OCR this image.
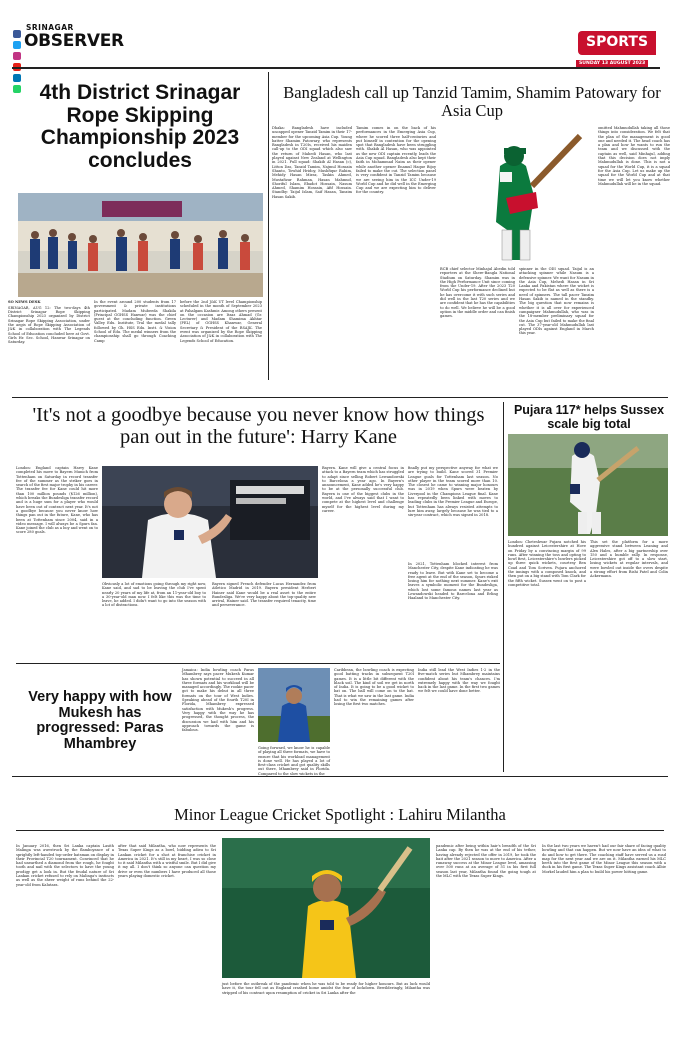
SRINAGAR
OBSERVER	SPORTS
SUNDAY 13 AUGUST 2023
4th District Srinagar Rope Skipping Championship 2023 concludes

SO NEWS DESK

SRINAGAR, AUG 12: The two-days 4th District Srinagar Rope Skipping Championship 2023 organized by District Srinagar Rope Skipping Association, under the aegis of Rope Skipping Association of J&K in collaboration with The Legends School of Education concluded here at Govt. Girls Hr. Sec. School, Hanwar Srinagar on Saturday.

In the event around 200 students from 17 government & private institutions participated. Madam Mubeeda Shakila (Principal GGHSS Hanwar) was the chief guest at the concluding function. Green Valley Edu. Institute, Tral the medal tally followed by Gh. HSS Edu. Instt. & Vision School of Edu. The medal winners from the championship shall go through Coaching Camp

before the 2nd J&K UT level Championship scheduled in the month of September 2023 at Pahalgam Kashmir. Among others present on the occasion are Itzaz Ahmad (Gr. Lecturer) and Madam Shamima Akhtar (PEL) of GGHSS Khanwar, General Secretary & President of the RSAJK. The event was organized by the Rope Skipping Association of J&K in collaboration with The Legends School of Education.

Bangladesh call up Tanzid Tamim, Shamim Patowary for Asia Cup

Dhaka: Bangladesh have included uncapped opener Tanzid Tamim in their 17-member for the upcoming Asia Cup. Young batter Shamim Patowary, who represents Bangladesh in T20Is, received his maiden call-up to the ODI squad which also saw the return of Mahedi Hasan, who last played against New Zealand at Wellington in 2021. Full squad: Shakib Al Hasan (c), Litton Das, Tanzid Tamim, Najmul Hossain Shanto, Towhid Hridoy, Mushfiqur Rahim, Mehidy Hasan Miraz, Taskin Ahmed, Mustafizur Rahman, Hasan Mahmud, Shoriful Islam, Ebadot Hossain, Nasum Ahmed, Shamim Hossain, Afif Hossain. Standby: Taijul Islam, Saif Hasan, Tanzim Hasan Sakib.

Tamim comes in on the back of his performances in the Emerging Asia Cup, where he scored three half-centuries and put himself in contention for the opening spot that Bangladesh have been struggling with. Shakib Al Hasan, who was appointed as the new ODI captain recently, leads the Asia Cup squad. Bangladesh also kept their faith in Mohammad Naim as their opener while another opener Enamul Haque Bijoy failed to make the cut. The selection panel is very confident in Tanzid Tamim because we are seeing him in the ICC Under-19 World Cup and he did well in the Emerging Cup and we are expecting him to deliver for the country.

BCB chief selector Minhajul Abedin told reporters at the Shere-Bangla National Stadium on Saturday. Shamim was in the High Performance Unit since coming from the Under-19. After the 2023 T20 World Cup his performance declined but he has overcome it with such series and did well in the last T20 series and we are confident that he has the capabilities to do well. We believe he will be a good option in the middle order and can finish games.

spinner in the ODI squad. Taijul is an attacking spinner while Nasum is a defensive spinner. We want for Nasum in the Asia Cup, Mehedi Hasan in Sri Lanka and Pakistan where the wicket is expected to be flat as well as there is a need of spinners. The tall pacer Tanzim Hasan Sakib is named in the standby. The big question that now remains is whether it is all over for experienced campaigner Mahmudullah, who was in the 18-member preliminary squad for the Asia Cup but failed to make the final cut. The 37-year-old Mahmudullah last played ODIs against England in March this year.

omitted Mahmudullah taking all those things into consideration. We felt that the plan of the management is good one and needed it. The head coach has a plan and how he wants to run the team and we discussed with the captain as well, said Minhajul, adding that this decision does not imply Mahmudullah is done. This is not a squad for the World Cup, it is a squad for the Asia Cup. Let us make up the squad for the World Cup and at that time we will let you know whether Mahmudullah will be in the squad.

'It's not a goodbye because you never know how things pan out in the future': Harry Kane

London: England captain Harry Kane completed his move to Bayern Munich from Tottenham on Saturday in record transfer fee of the summer as the striker goes in search of the first major trophy in his career. The transfer fee for Kane could hit more than 100 million pounds ($126 million), which breaks the Bundesliga transfer record and is a huge sum for a player who would have been out of contract next year. It's not a goodbye because you never know how things pan out in the future, Kane, who has been at Tottenham since 2004, said in a video message. I will always be a Spurs fan. Kane joined the club as a boy and went on to score 280 goals.

Obviously a lot of emotions going through my right now, Kane said, and sad to be leaving the club I've spent nearly 20 years of my life at, from an 11-year-old boy to a 30-year-old man now. I felt like this was the time to leave, he added. I didn't want to go into the season with a lot of distractions.

Bayern signed French defender Lucas Hernandez from Atletico Madrid in 2019. Bayern president Herbert Hainer said Kane would be a real asset to the entire Bundesliga. We're very happy about the top-quality new arrival, Hainer said. The transfer required tenacity, time and perseverance.

Bayern. Kane will give a central focus in attack to a Bayern team which has struggled to adapt since selling Robert Lewandowski to Barcelona a year ago. In Bayern's announcement, Kane added he's very happy to be at the personally successful club. Bayern is one of the biggest clubs in the world, and I've always said that I want to compete at the highest level and challenge myself for the highest level during my career.

finally put my perspective anyway for what we are trying to build. Kane scored 31 Premier League goals for Tottenham last season. No other player in the team scored more than 10. The closest he came to winning major honours was in 2019 when Spurs were beaten by Liverpool in the Champions League final. Kane has repeatedly been linked with moves to leading clubs in the Premier League and Europe, but Tottenham has always resisted attempts to lure him away, largely because he was tied to a six-year contract, which was signed in 2018.

In 2021, Tottenham blocked interest from Manchester City, despite Kane indicating he was ready to leave. But with Kane set to become a free agent at the end of the season, Spurs risked losing him for nothing next summer. Kane's exit leaves a symbolic moment for the Bundesliga, which lost some famous names last year as Lewandowski headed to Barcelona and Erling Haaland to Manchester City.

Pujara 117* helps Sussex scale big total

London: Cheteshwar Pujara notched his hundred against Leicestershire at Hove on Friday by a convincing margin of 99 runs. After winning the toss and opting to bowl first, Leicestershire's bowlers picked up three quick wickets, courtesy Ben Coad and Tom Scriven. Pujara anchored the innings with a composed knock, and then put on a big stand with Tom Clark for the fifth wicket. Sussex went on to post a competitive total.

This set the platform for a more aggressive stand between Leaning and Alex Hales, after a big partnership over 150 and a humble rally. In response, Leicestershire got off to a slow start, losing wickets at regular intervals, and were bowled out inside the overs despite a strong effort from Rishi Patel and Colin Ackermann.

Very happy with how Mukesh has progressed: Paras Mhambrey

Jamaica: India bowling coach Paras Mhambrey says pacer Mukesh Kumar has shown potential to succeed in all three formats and his workload will be managed accordingly. The rookie pacer got to make his debut in all three formats on the tour of West Indies. Speaking ahead of the fourth T20I in Florida, Mhambrey expressed satisfaction with Mukesh's progress. Very happy with the way he has progressed, the thought process, the discussion we had with him and his approach towards the game is fabulous.

Going forward, we know he is capable of playing all three formats, we have to ensure that his workload management is done well. He has played a lot of first-class cricket and got quality skills out there, Mhambrey said in Florida. Compared to the slow wickets in the

Caribbean, the bowling coach is expecting good batting tracks in subsequent T20I games. It is a little bit different with the black soil. The kind of soil we get in north of India. It is going to be a good wicket to bat on. The ball will come on to the bat. That is what we saw in the last game. India had to win the remaining games after losing the first two matches.

India still lead the West Indies 1-2 in the five-match series but Mhambrey maintains confident about his team's chances. I'm extremely happy with the way we fought back in the last game. In the first two games we felt we could have done better.

Minor League Cricket Spotlight : Lahiru Milantha

In January 2016, then Sri Lanka captain Lasith Malinga was awestruck by the flamboyance of a sprightly left-handed top-order batsman on display in their Provincial T20 tournament. Convinced that he had unearthed a diamond from the rough, he fought tooth and nail with the selectors to have the young prodigy get a look in. But the feudal nature of Sri Lankan cricket refused to rely on Malinga's instincts as well as the sheer weight of runs behind the 22-year-old from Kalutara.

after that said Milantha, who now represents the Texas Super Kings as a bowl, bidding adieu to Sri Lankan cricket for a shot at franchise cricket in America in 2021. It's still in my heart, I was so close to it said Milantha with a wistful smile. But I did give it my all. I don't think so anyone can question my drive or even the numbers I have produced all those years playing domestic cricket.

just before the outbreak of the pandemic when he was told to be ready for higher honours. But as luck would have it, the tour fell out as England crashed home amidst the fear of lockdown. Bewilderingly, Milantha was stripped of his contract upon resumption of cricket in Sri Lanka after the

pandemic after being within hair's breadth of the Sri Lanka cap. By then he was at the end of his tether, having already rejected the offer in 2019, he took the bait after the 2021 season to move to America. After a runaway success at the Minor League level, amassing over 500 runs at an average of 51 in his first full season last year, Milantha found the going tough at the MLC with the Texas Super Kings.

In the last two years we haven't had our fair share of facing quality bowling and that can happen. But we now have an idea of what to do and how to get there. The coaching staff have served us a road map for the next year and we are on it. Milantha earned his MLC berth into the first game of the Minor League this season with a duck in his first game. The Texas Super Kings assistant coach Albie Morkel lauded him a plan to build his power hitting game.
